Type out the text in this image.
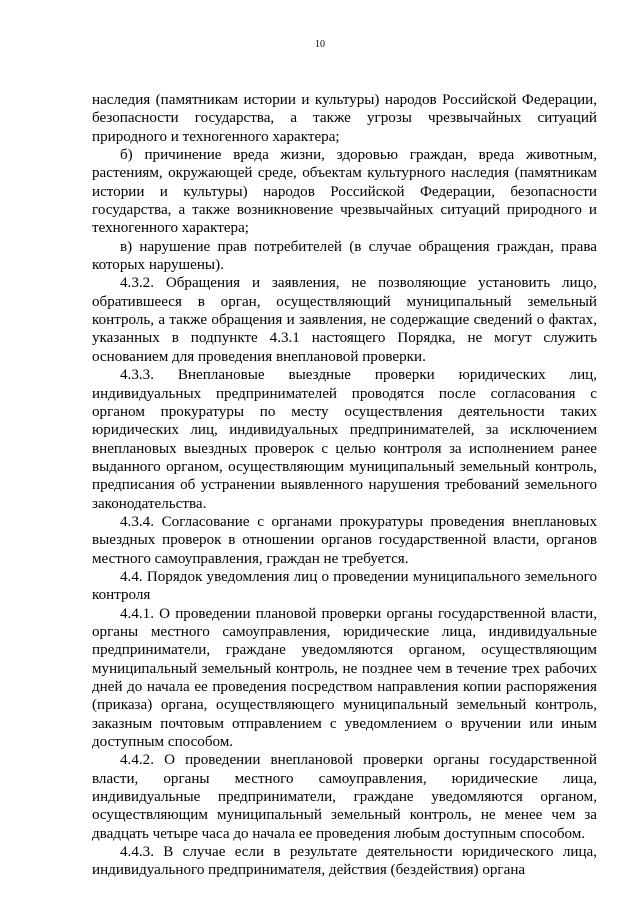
10

наследия (памятникам истории и культуры) народов Российской Федерации, безопасности государства, а также угрозы чрезвычайных ситуаций природного и техногенного характера;

б) причинение вреда жизни, здоровью граждан, вреда животным, растениям, окружающей среде, объектам культурного наследия (памятникам истории и культуры) народов Российской Федерации, безопасности государства, а также возникновение чрезвычайных ситуаций природного и техногенного характера;

в) нарушение прав потребителей (в случае обращения граждан, права которых нарушены).

4.3.2. Обращения и заявления, не позволяющие установить лицо, обратившееся в орган, осуществляющий муниципальный земельный контроль, а также обращения и заявления, не содержащие сведений о фактах, указанных в подпункте 4.3.1 настоящего Порядка, не могут служить основанием для проведения внеплановой проверки.

4.3.3. Внеплановые выездные проверки юридических лиц, индивидуальных предпринимателей проводятся после согласования с органом прокуратуры по месту осуществления деятельности таких юридических лиц, индивидуальных предпринимателей, за исключением внеплановых выездных проверок с целью контроля за исполнением ранее выданного органом, осуществляющим муниципальный земельный контроль, предписания об устранении выявленного нарушения требований земельного законодательства.

4.3.4. Согласование с органами прокуратуры проведения внеплановых выездных проверок в отношении органов государственной власти, органов местного самоуправления, граждан не требуется.

4.4. Порядок уведомления лиц о проведении муниципального земельного контроля

4.4.1. О проведении плановой проверки органы государственной власти, органы местного самоуправления, юридические лица, индивидуальные предприниматели, граждане уведомляются органом, осуществляющим муниципальный земельный контроль, не позднее чем в течение трех рабочих дней до начала ее проведения посредством направления копии распоряжения (приказа) органа, осуществляющего муниципальный земельный контроль, заказным почтовым отправлением с уведомлением о вручении или иным доступным способом.

4.4.2. О проведении внеплановой проверки органы государственной власти, органы местного самоуправления, юридические лица, индивидуальные предприниматели, граждане уведомляются органом, осуществляющим муниципальный земельный контроль, не менее чем за двадцать четыре часа до начала ее проведения любым доступным способом.

4.4.3. В случае если в результате деятельности юридического лица, индивидуального предпринимателя, действия (бездействия) органа
